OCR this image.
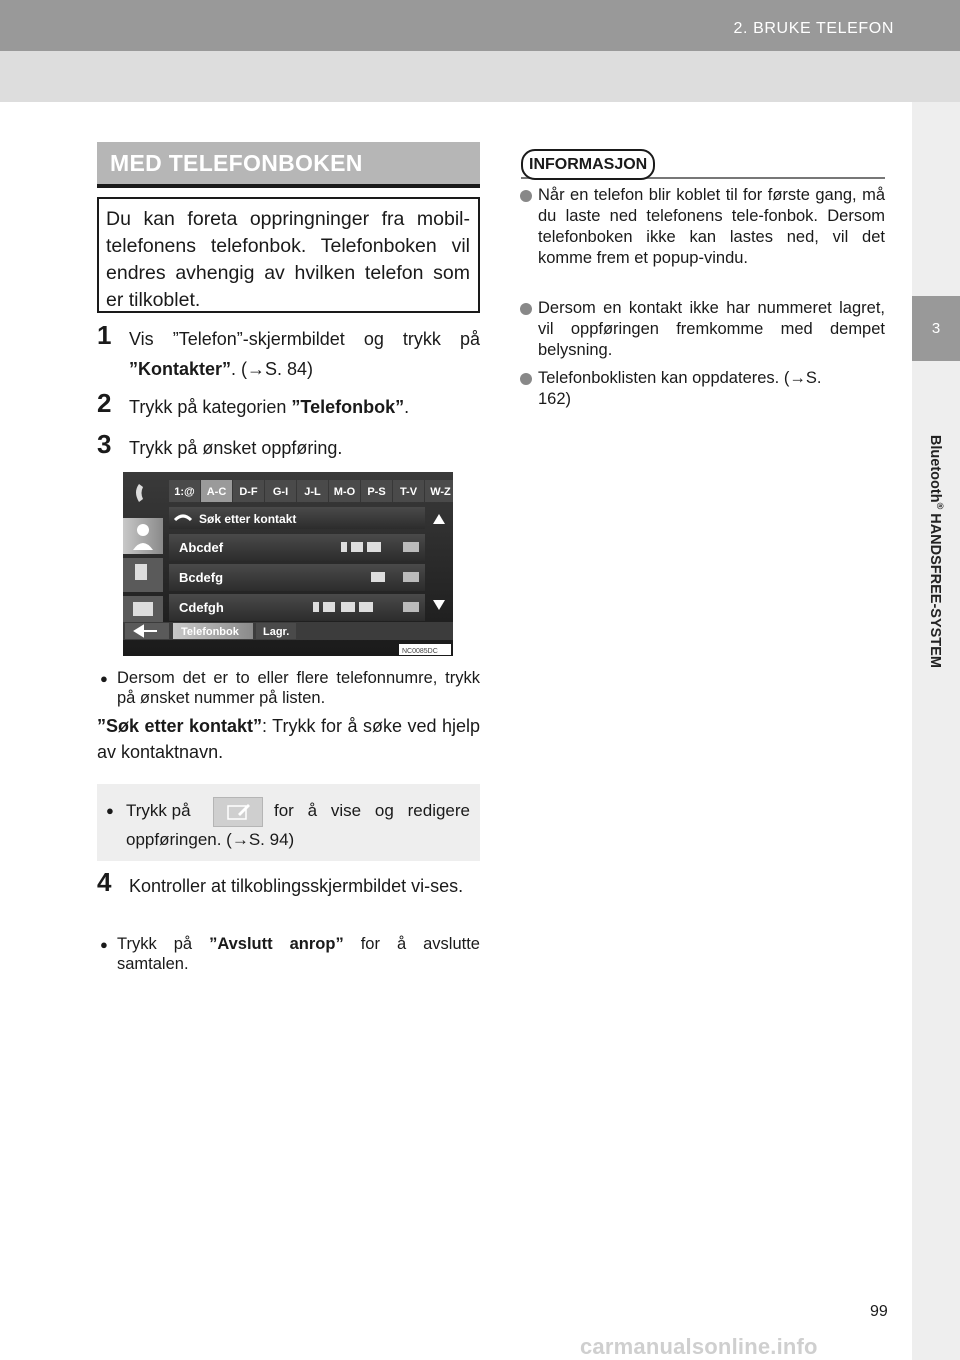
2. BRUKE TELEFON
3
Bluetooth® HANDSFREE-SYSTEM
MED TELEFONBOKEN
Du kan foreta oppringninger fra mobil-telefonens telefonbok. Telefonboken vil endres avhengig av hvilken telefon som er tilkoblet.
1 Vis ”Telefon”-skjermbildet og trykk på ”Kontakter”. (→S. 84)
2 Trykk på kategorien ”Telefonbok”.
3 Trykk på ønsket oppføring.
1:@ A-C D-F G-I J-L M-O P-S T-V W-Z
Søk etter kontakt
Abcdef
Bcdefg
Cdefgh
Telefonbok Lagr.
NC0085DC
● Dersom det er to eller flere telefonnumre, trykk på ønsket nummer på listen.
”Søk etter kontakt”: Trykk for å søke ved hjelp av kontaktnavn.
● Trykk på	for å vise og redigere
oppføringen. (→S. 94)
4 Kontroller at tilkoblingsskjermbildet vi-ses.
● Trykk på ”Avslutt anrop” for å avslutte samtalen.
INFORMASJON
Når en telefon blir koblet til for første gang, må du laste ned telefonens tele-fonbok. Dersom telefonboken ikke kan lastes ned, vil det komme frem et popup-vindu.
Dersom en kontakt ikke har nummeret lagret, vil oppføringen fremkomme med dempet belysning.
Telefonboklisten kan oppdateres. (→S. 162)
99
carmanualsonline.info
